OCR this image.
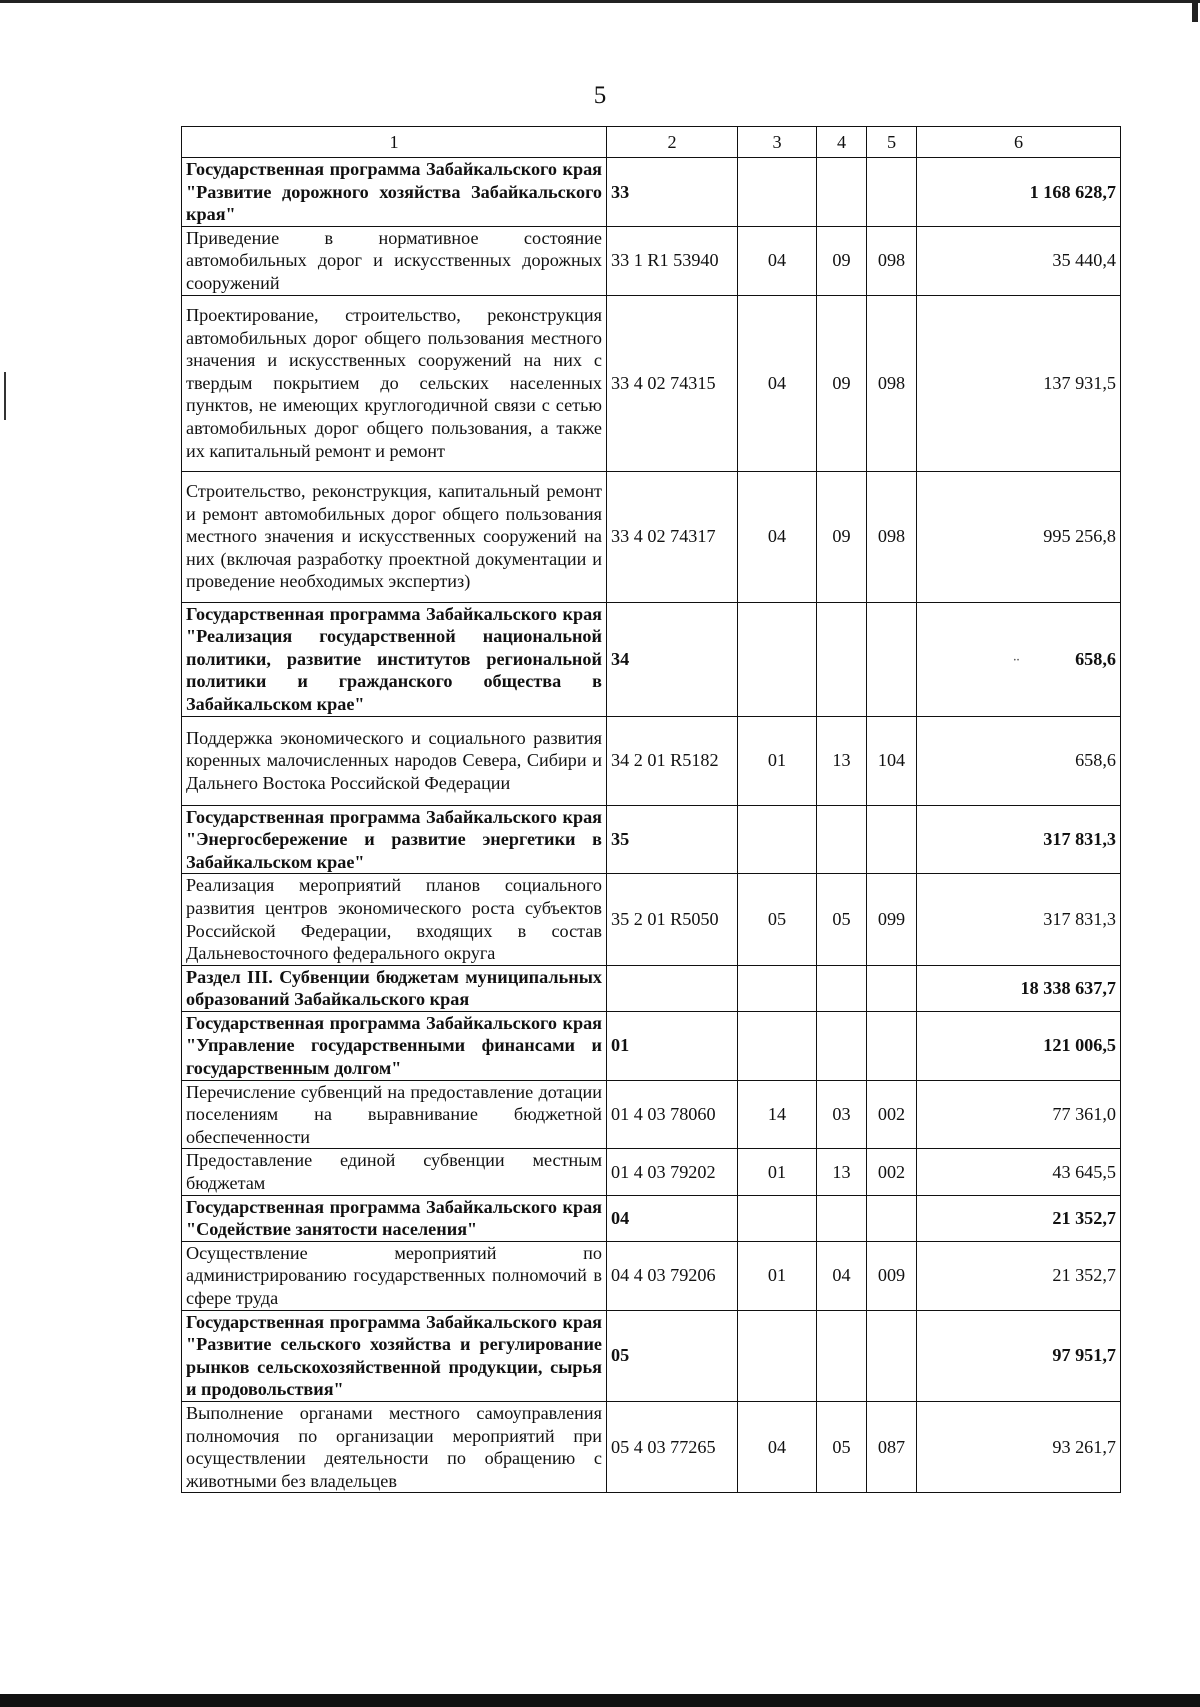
5
1	2	3	4	5	6
Государственная программа Забайкальского края "Развитие дорожного хозяйства Забайкальского края"	33				1 168 628,7
Приведение в нормативное состояние автомобильных дорог и искусственных дорожных сооружений	33 1 R1 53940	04	09	098	35 440,4
Проектирование, строительство, реконструкция автомобильных дорог общего пользования местного значения и искусственных сооружений на них с твердым покрытием до сельских населенных пунктов, не имеющих круглогодичной связи с сетью автомобильных дорог общего пользования, а также их капитальный ремонт и ремонт	33 4 02 74315	04	09	098	137 931,5
Строительство, реконструкция, капитальный ремонт и ремонт автомобильных дорог общего пользования местного значения и искусственных сооружений на них (включая разработку проектной документации и проведение необходимых экспертиз)	33 4 02 74317	04	09	098	995 256,8
Государственная программа Забайкальского края "Реализация государственной национальной политики, развитие институтов региональной политики и гражданского общества в Забайкальском крае"	34				·· 658,6
Поддержка экономического и социального развития коренных малочисленных народов Севера, Сибири и Дальнего Востока Российской Федерации	34 2 01 R5182	01	13	104	658,6
Государственная программа Забайкальского края "Энергосбережение и развитие энергетики в Забайкальском крае"	35				317 831,3
Реализация мероприятий планов социального развития центров экономического роста субъектов Российской Федерации, входящих в состав Дальневосточного федерального округа	35 2 01 R5050	05	05	099	317 831,3
Раздел III. Субвенции бюджетам муниципальных образований Забайкальского края					18 338 637,7
Государственная программа Забайкальского края "Управление государственными финансами и государственным долгом"	01				121 006,5
Перечисление субвенций на предоставление дотации поселениям на выравнивание бюджетной обеспеченности	01 4 03 78060	14	03	002	77 361,0
Предоставление единой субвенции местным бюджетам	01 4 03 79202	01	13	002	43 645,5
Государственная программа Забайкальского края "Содействие занятости населения"	04				21 352,7
Осуществление мероприятий по администрированию государственных полномочий в сфере труда	04 4 03 79206	01	04	009	21 352,7
Государственная программа Забайкальского края "Развитие сельского хозяйства и регулирование рынков сельскохозяйственной продукции, сырья и продовольствия"	05				97 951,7
Выполнение органами местного самоуправления полномочия по организации мероприятий при осуществлении деятельности по обращению с животными без владельцев	05 4 03 77265	04	05	087	93 261,7
